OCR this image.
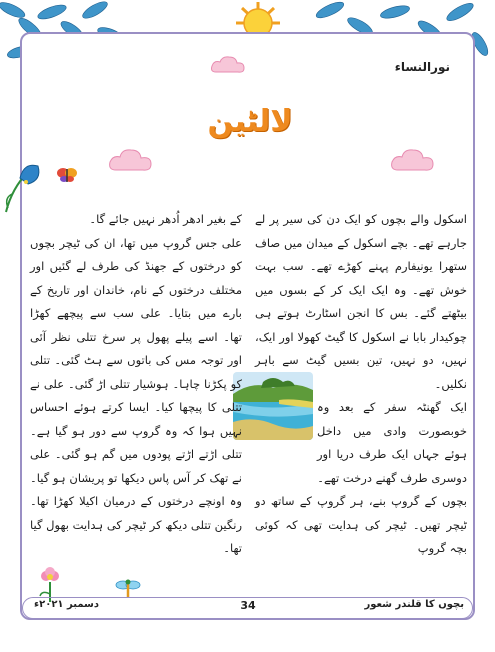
نورالنساء
لالٹین

اسکول والے بچوں کو ایک دن کی سیر پر لے جارہے تھے۔ بچے اسکول کے میدان میں صاف ستھرا یونیفارم پہنے کھڑے تھے۔ سب بہت خوش تھے۔ وہ ایک ایک کر کے بسوں میں بیٹھتے گئے۔ بس کا انجن اسٹارٹ ہوتے ہی چوکیدار بابا نے اسکول کا گیٹ کھولا اور ایک، نہیں، دو نہیں، تین بسیں گیٹ سے باہر نکلیں۔

ایک گھنٹہ سفر کے بعد وہ خوبصورت وادی میں داخل ہوئے جہاں ایک طرف دریا اور دوسری طرف گھنے درخت تھے۔

بچوں کے گروپ بنے، ہر گروپ کے ساتھ دو ٹیچر تھیں۔ ٹیچر کی ہدایت تھی کہ کوئی بچہ گروپ

کے بغیر ادھر اُدھر نہیں جائے گا۔

علی جس گروپ میں تھا، ان کی ٹیچر بچوں کو درختوں کے جھنڈ کی طرف لے گئیں اور مختلف درختوں کے نام، خاندان اور تاریخ کے بارے میں بتایا۔ علی سب سے پیچھے کھڑا تھا۔ اسے پیلے پھول پر سرخ تتلی نظر آئی اور توجہ مس کی باتوں سے ہٹ گئی۔ تتلی کو پکڑنا چاہا۔ ہوشیار تتلی اڑ گئی۔ علی نے تتلی کا پیچھا کیا۔ ایسا کرتے ہوئے احساس نہیں ہوا کہ وہ گروپ سے دور ہو گیا ہے۔ تتلی اڑتے اڑتے پودوں میں گم ہو گئی۔ علی نے تھک کر آس پاس دیکھا تو پریشان ہو گیا۔ وہ اونچے درختوں کے درمیان اکیلا کھڑا تھا۔ رنگین تتلی دیکھ کر ٹیچر کی ہدایت بھول گیا تھا۔

دسمبر ۲۰۲۱ء	34	بچوں کا قلندر شعور
